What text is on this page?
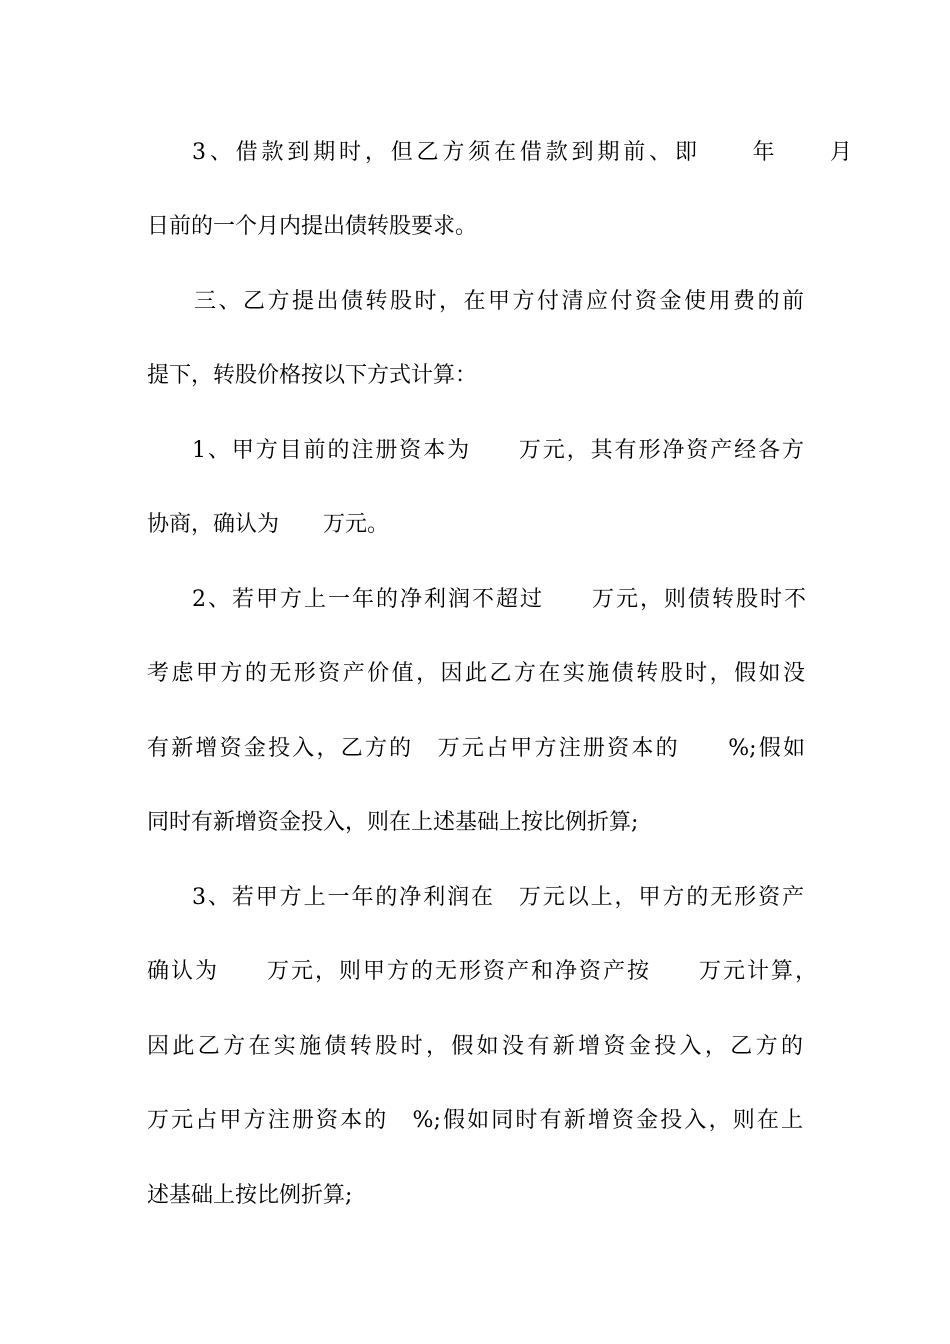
3、借款到期时，但乙方须在借款到期前、即　　年　　月
日前的一个月内提出债转股要求。
三、乙方提出债转股时，在甲方付清应付资金使用费的前
提下，转股价格按以下方式计算：
1、甲方目前的注册资本为　　万元，其有形净资产经各方
协商，确认为　　万元。
2、若甲方上一年的净利润不超过　　万元，则债转股时不
考虑甲方的无形资产价值，因此乙方在实施债转股时，假如没
有新增资金投入，乙方的　万元占甲方注册资本的　　%;假如
同时有新增资金投入，则在上述基础上按比例折算;
3、若甲方上一年的净利润在　万元以上，甲方的无形资产
确认为　　万元，则甲方的无形资产和净资产按　　万元计算，
因此乙方在实施债转股时，假如没有新增资金投入，乙方的
万元占甲方注册资本的　%;假如同时有新增资金投入，则在上
述基础上按比例折算;
